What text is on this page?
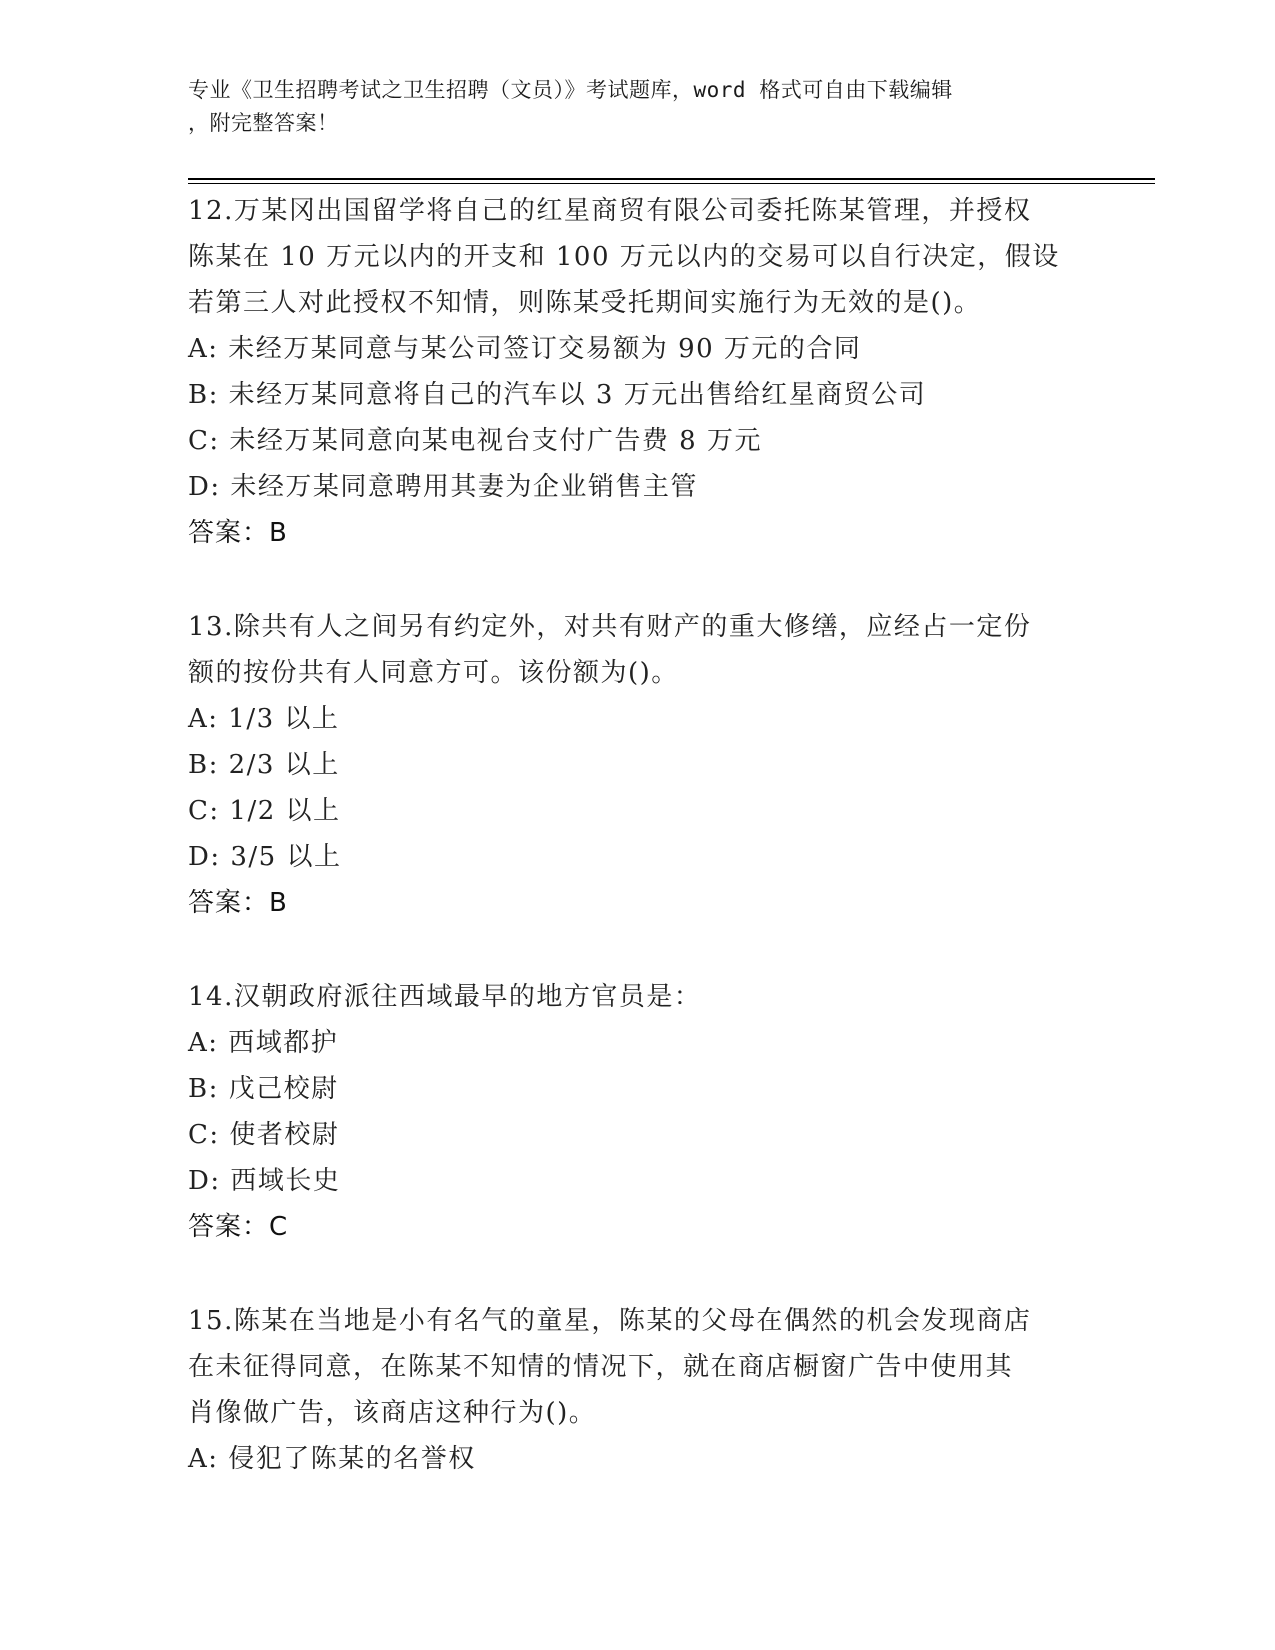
专业《卫生招聘考试之卫生招聘（文员）》考试题库，word 格式可自由下载编辑
，附完整答案！
12.万某冈出国留学将自己的红星商贸有限公司委托陈某管理，并授权
陈某在 10 万元以内的开支和 100 万元以内的交易可以自行决定，假设
若第三人对此授权不知情，则陈某受托期间实施行为无效的是()。
A: 未经万某同意与某公司签订交易额为 90 万元的合同
B: 未经万某同意将自己的汽车以 3 万元出售给红星商贸公司
C: 未经万某同意向某电视台支付广告费 8 万元
D: 未经万某同意聘用其妻为企业销售主管
答案：B
13.除共有人之间另有约定外，对共有财产的重大修缮，应经占一定份
额的按份共有人同意方可。该份额为()。
A: 1/3 以上
B: 2/3 以上
C: 1/2 以上
D: 3/5 以上
答案：B
14.汉朝政府派往西域最早的地方官员是：
A: 西域都护
B: 戊己校尉
C: 使者校尉
D: 西域长史
答案：C
15.陈某在当地是小有名气的童星，陈某的父母在偶然的机会发现商店
在未征得同意，在陈某不知情的情况下，就在商店橱窗广告中使用其
肖像做广告，该商店这种行为()。
A: 侵犯了陈某的名誉权
